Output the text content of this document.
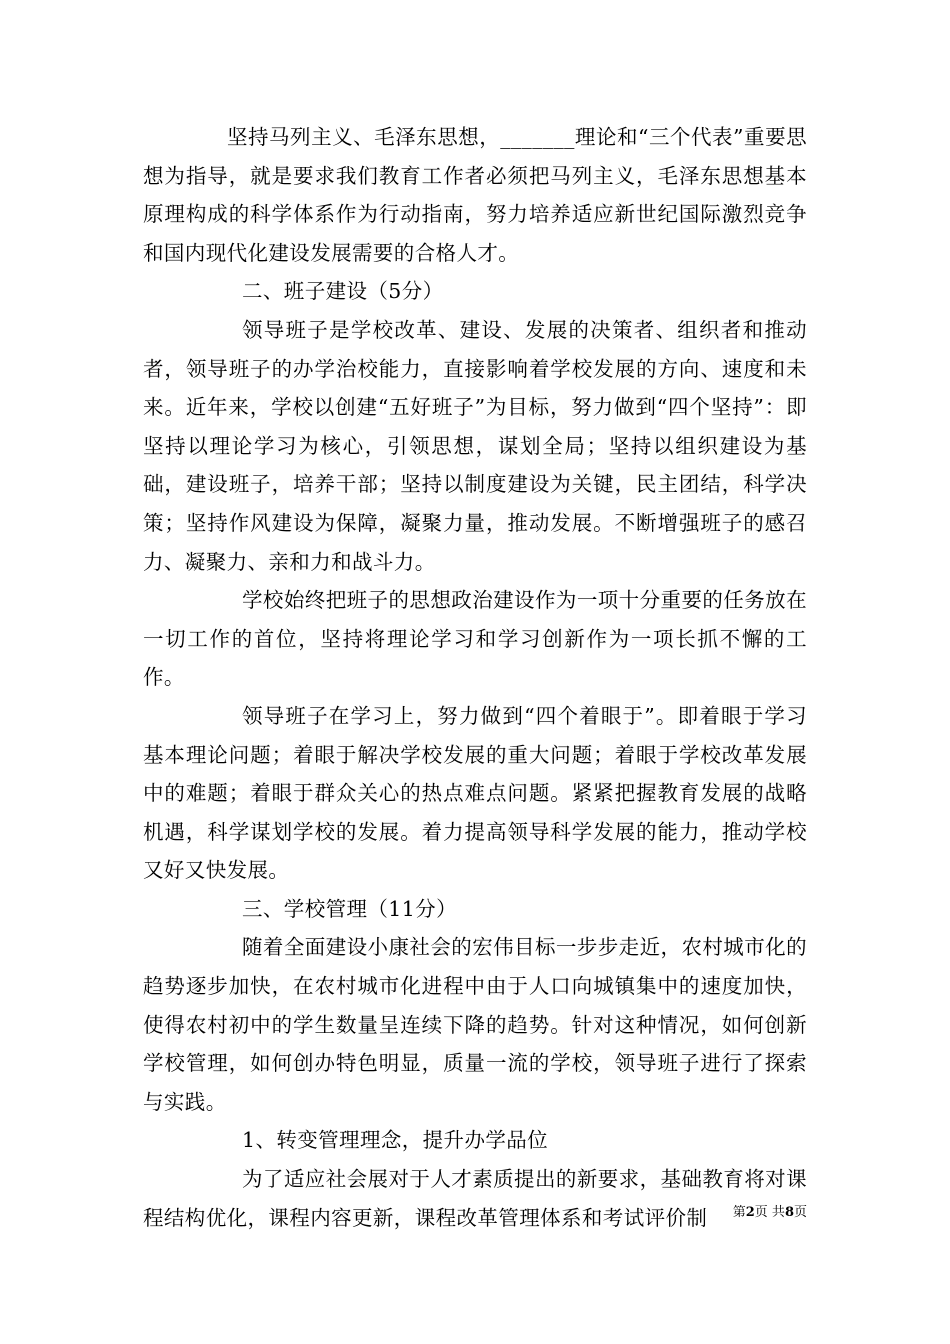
坚持马列主义、毛泽东思想，_______理论和“三个代表”重要思想为指导，就是要求我们教育工作者必须把马列主义，毛泽东思想基本原理构成的科学体系作为行动指南，努力培养适应新世纪国际激烈竞争和国内现代化建设发展需要的合格人才。

二、班子建设（5分）

领导班子是学校改革、建设、发展的决策者、组织者和推动者，领导班子的办学治校能力，直接影响着学校发展的方向、速度和未来。近年来，学校以创建“五好班子”为目标，努力做到“四个坚持”：即坚持以理论学习为核心，引领思想，谋划全局；坚持以组织建设为基础，建设班子，培养干部；坚持以制度建设为关键，民主团结，科学决策；坚持作风建设为保障，凝聚力量，推动发展。不断增强班子的感召力、凝聚力、亲和力和战斗力。

学校始终把班子的思想政治建设作为一项十分重要的任务放在一切工作的首位，坚持将理论学习和学习创新作为一项长抓不懈的工作。

领导班子在学习上，努力做到“四个着眼于”。即着眼于学习基本理论问题；着眼于解决学校发展的重大问题；着眼于学校改革发展中的难题；着眼于群众关心的热点难点问题。紧紧把握教育发展的战略机遇，科学谋划学校的发展。着力提高领导科学发展的能力，推动学校又好又快发展。

三、学校管理（11分）

随着全面建设小康社会的宏伟目标一步步走近，农村城市化的趋势逐步加快，在农村城市化进程中由于人口向城镇集中的速度加快，使得农村初中的学生数量呈连续下降的趋势。针对这种情况，如何创新学校管理，如何创办特色明显，质量一流的学校，领导班子进行了探索与实践。

1、转变管理理念，提升办学品位

为了适应社会展对于人才素质提出的新要求，基础教育将对课程结构优化，课程内容更新，课程改革管理体系和考试评价制	第2页 共8页
